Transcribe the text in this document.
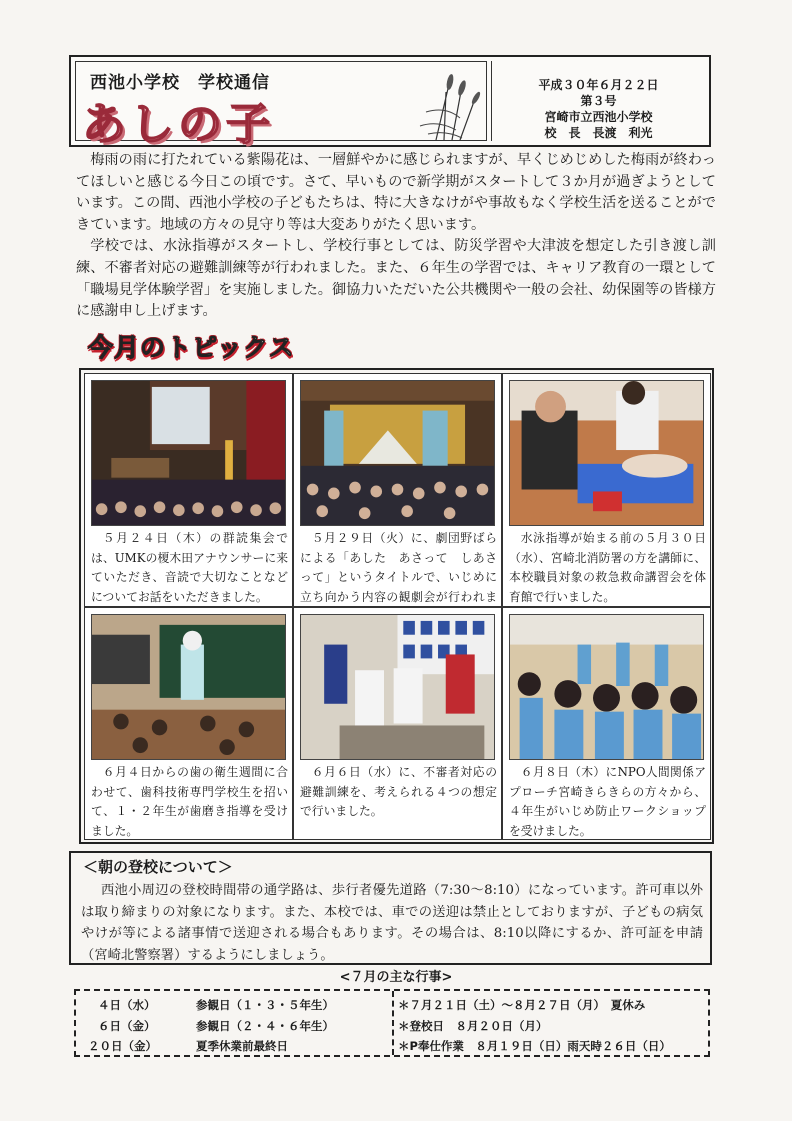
西池小学校　学校通信
あしの子
平成３０年６月２２日
第３号
宮崎市立西池小学校
校　長　長渡　利光

梅雨の雨に打たれている紫陽花は、一層鮮やかに感じられますが、早くじめじめした梅雨が終わってほしいと感じる今日この頃です。さて、早いもので新学期がスタートして３か月が過ぎようとしています。この間、西池小学校の子どもたちは、特に大きなけがや事故もなく学校生活を送ることができています。地域の方々の見守り等は大変ありがたく思います。

学校では、水泳指導がスタートし、学校行事としては、防災学習や大津波を想定した引き渡し訓練、不審者対応の避難訓練等が行われました。また、６年生の学習では、キャリア教育の一環として「職場見学体験学習」を実施しました。御協力いただいた公共機関や一般の会社、幼保園等の皆様方に感謝申し上げます。

今月のトピックス
５月２４日（木）の群読集会では、UMKの榎木田アナウンサーに来ていただき、音読で大切なことなどについてお話をいただきました。
５月２９日（火）に、劇団野ばらによる「あした　あさって　しあさって」というタイトルで、いじめに立ち向かう内容の観劇会が行われま
水泳指導が始まる前の５月３０日（水）、宮崎北消防署の方を講師に、本校職員対象の救急救命講習会を体育館で行いました。
６月４日からの歯の衛生週間に合わせて、歯科技術専門学校生を招いて、１・２年生が歯磨き指導を受けました。
６月６日（水）に、不審者対応の避難訓練を、考えられる４つの想定で行いました。
６月８日（木）にNPO人間関係アプローチ宮崎きらきらの方々から、４年生がいじめ防止ワークショップを受けました。
＜朝の登校について＞
西池小周辺の登校時間帯の通学路は、歩行者優先道路（7:30～8:10）になっています。許可車以外は取り締まりの対象になります。また、本校では、車での送迎は禁止としておりますが、子どもの病気やけが等による諸事情で送迎される場合もあります。その場合は、8:10以降にするか、許可証を申請（宮崎北警察署）するようにしましょう。
<７月の主な行事>
４日（水）	参観日（１・３・５年生）
６日（金）	参観日（２・４・６年生）
２０日（金）	夏季休業前最終日
＊７月２１日（土）～８月２７日（月）　夏休み
＊登校日　８月２０日（月）
＊P奉仕作業　８月１９日（日）雨天時２６日（日）
